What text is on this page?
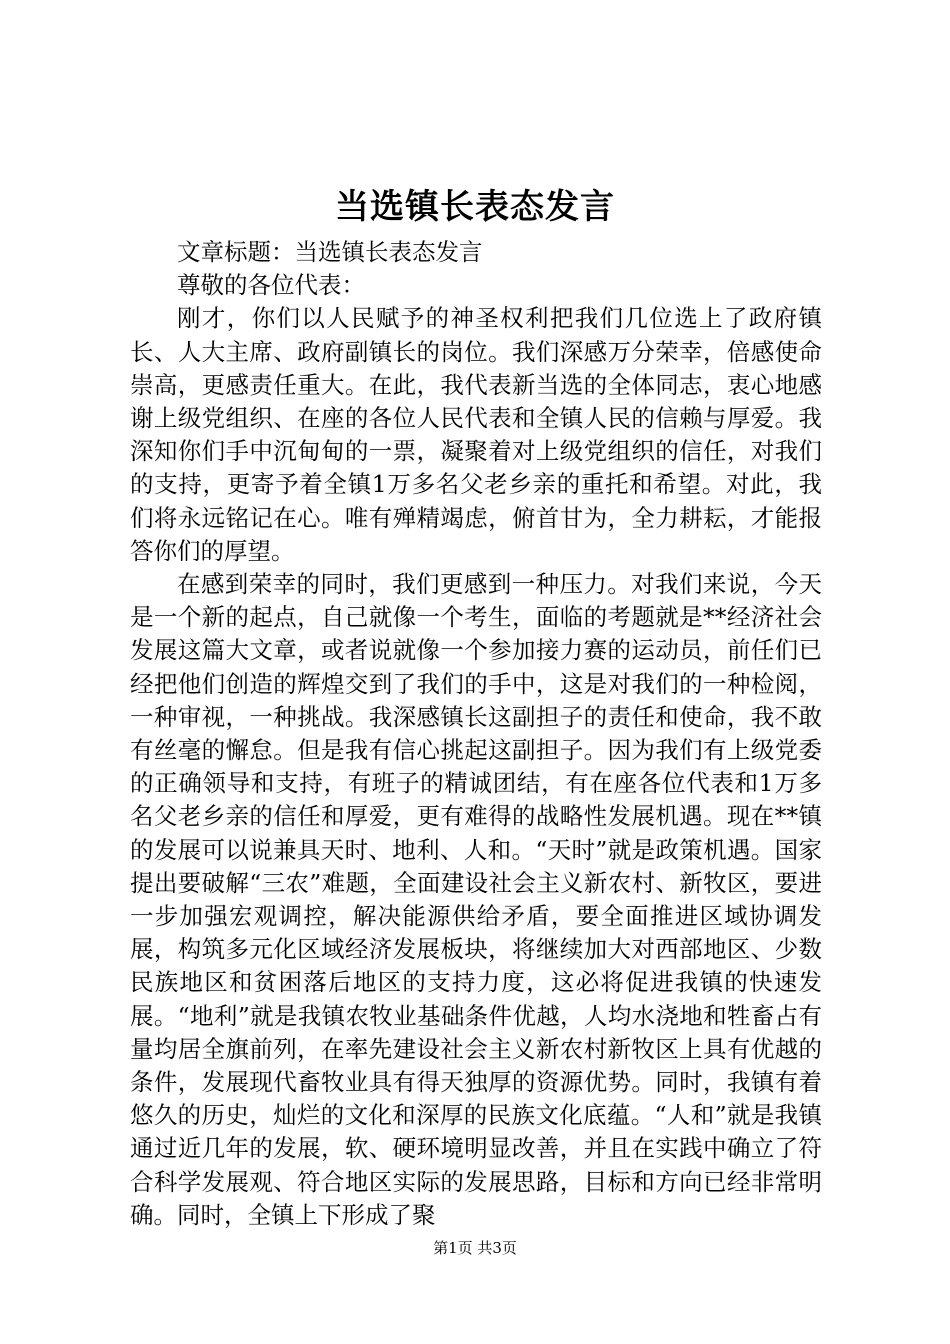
当选镇长表态发言

文章标题：当选镇长表态发言

尊敬的各位代表：

刚才，你们以人民赋予的神圣权利把我们几位选上了政府镇长、人大主席、政府副镇长的岗位。我们深感万分荣幸，倍感使命崇高，更感责任重大。在此，我代表新当选的全体同志，衷心地感谢上级党组织、在座的各位人民代表和全镇人民的信赖与厚爱。我深知你们手中沉甸甸的一票，凝聚着对上级党组织的信任，对我们的支持，更寄予着全镇1万多名父老乡亲的重托和希望。对此，我们将永远铭记在心。唯有殚精竭虑，俯首甘为，全力耕耘，才能报答你们的厚望。

在感到荣幸的同时，我们更感到一种压力。对我们来说，今天是一个新的起点，自己就像一个考生，面临的考题就是**经济社会发展这篇大文章，或者说就像一个参加接力赛的运动员，前任们已经把他们创造的辉煌交到了我们的手中，这是对我们的一种检阅，一种审视，一种挑战。我深感镇长这副担子的责任和使命，我不敢有丝毫的懈怠。但是我有信心挑起这副担子。因为我们有上级党委的正确领导和支持，有班子的精诚团结，有在座各位代表和1万多名父老乡亲的信任和厚爱，更有难得的战略性发展机遇。现在**镇的发展可以说兼具天时、地利、人和。“天时”就是政策机遇。国家提出要破解“三农”难题，全面建设社会主义新农村、新牧区，要进一步加强宏观调控，解决能源供给矛盾，要全面推进区域协调发展，构筑多元化区域经济发展板块，将继续加大对西部地区、少数民族地区和贫困落后地区的支持力度，这必将促进我镇的快速发展。“地利”就是我镇农牧业基础条件优越，人均水浇地和牲畜占有量均居全旗前列，在率先建设社会主义新农村新牧区上具有优越的条件，发展现代畜牧业具有得天独厚的资源优势。同时，我镇有着悠久的历史，灿烂的文化和深厚的民族文化底蕴。“人和”就是我镇通过近几年的发展，软、硬环境明显改善，并且在实践中确立了符合科学发展观、符合地区实际的发展思路，目标和方向已经非常明确。同时，全镇上下形成了聚

第1页 共3页
